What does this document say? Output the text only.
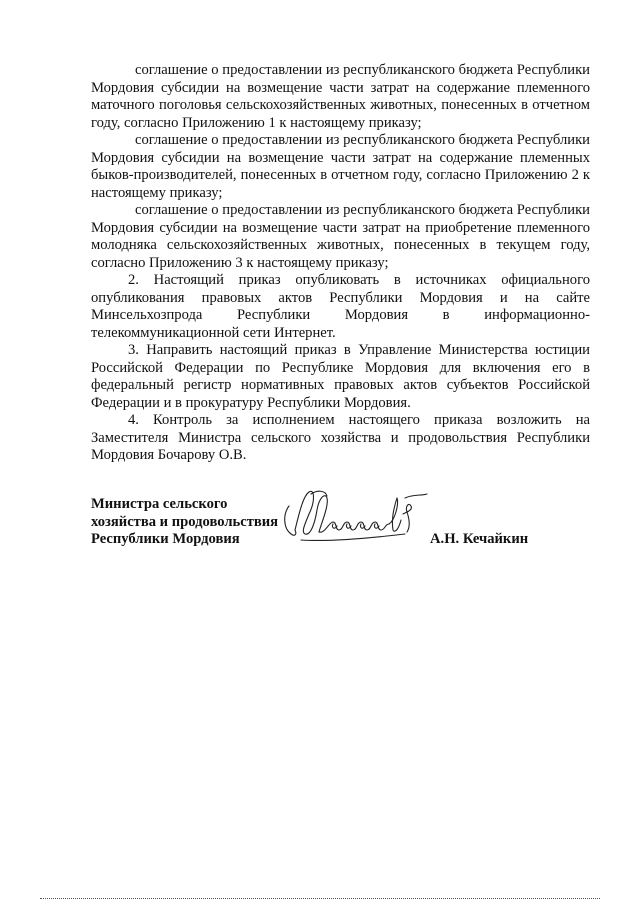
соглашение о предоставлении из республиканского бюджета Республики Мордовия субсидии на возмещение части затрат на содержание племенного маточного поголовья сельскохозяйственных животных, понесенных в отчетном году, согласно Приложению 1 к настоящему приказу;

соглашение о предоставлении из республиканского бюджета Республики Мордовия субсидии на возмещение части затрат на содержание племенных быков-производителей, понесенных в отчетном году, согласно Приложению 2 к настоящему приказу;

соглашение о предоставлении из республиканского бюджета Республики Мордовия субсидии на возмещение части затрат на приобретение племенного молодняка сельскохозяйственных животных, понесенных в текущем году, согласно Приложению 3 к настоящему приказу;

2. Настоящий приказ опубликовать в источниках официального опубликования правовых актов Республики Мордовия и на сайте Минсельхозпрода Республики Мордовия в информационно-телекоммуникационной сети Интернет.

3. Направить настоящий приказ в Управление Министерства юстиции Российской Федерации по Республике Мордовия для включения его в федеральный регистр нормативных правовых актов субъектов Российской Федерации и в прокуратуру Республики Мордовия.

4. Контроль за исполнением настоящего приказа возложить на Заместителя Министра сельского хозяйства и продовольствия Республики Мордовия Бочарову О.В.

Министра сельского
хозяйства и продовольствия
Республики Мордовия	А.Н. Кечайкин
